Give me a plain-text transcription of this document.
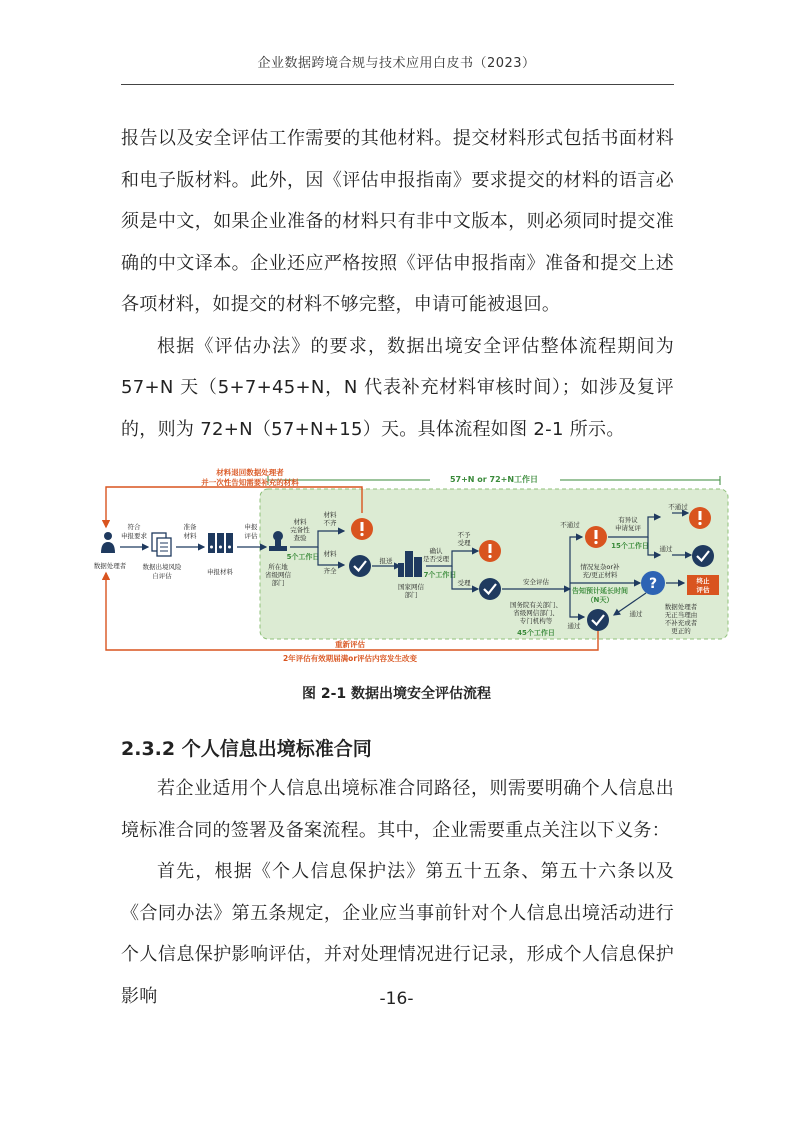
企业数据跨境合规与技术应用白皮书（2023）

报告以及安全评估工作需要的其他材料。提交材料形式包括书面材料和电子版材料。此外，因《评估申报指南》要求提交的材料的语言必须是中文，如果企业准备的材料只有非中文版本，则必须同时提交准确的中文译本。企业还应严格按照《评估申报指南》准备和提交上述各项材料，如提交的材料不够完整，申请可能被退回。

根据《评估办法》的要求，数据出境安全评估整体流程期间为57+N 天（5+7+45+N，N 代表补充材料审核时间）；如涉及复评的，则为 72+N（57+N+15）天。具体流程如图 2-1 所示。

57+N or 72+N工作日
材料退回数据处理者
并一次性告知需要补充的材料
数据处理者
符合
申报要求
数据出境风险
自评估
准备
材料
申报材料
申报
评估
所在地
省级网信
部门
材料
完备性
查验
5个工作日
材料
不齐
材料
齐全
报送
国家网信
部门
确认
是否受理
7个工作日
不予
受理
受理	安全评估
国务院有关部门、
省级网信部门、
专门机构等
45个工作日
不通过
有异议
申请复评
15个工作日
不通过
通过
情况复杂or补
充/更正材料
告知预计延长时间
（N天）
?	终止
评估
数据处理者
无正当理由
不补充或者
更正的
通过
通过
重新评估
2年评估有效期届满or评估内容发生改变
图 2-1 数据出境安全评估流程
2.3.2 个人信息出境标准合同

若企业适用个人信息出境标准合同路径，则需要明确个人信息出境标准合同的签署及备案流程。其中，企业需要重点关注以下义务：

首先，根据《个人信息保护法》第五十五条、第五十六条以及《合同办法》第五条规定，企业应当事前针对个人信息出境活动进行个人信息保护影响评估，并对处理情况进行记录，形成个人信息保护影响	-16-
